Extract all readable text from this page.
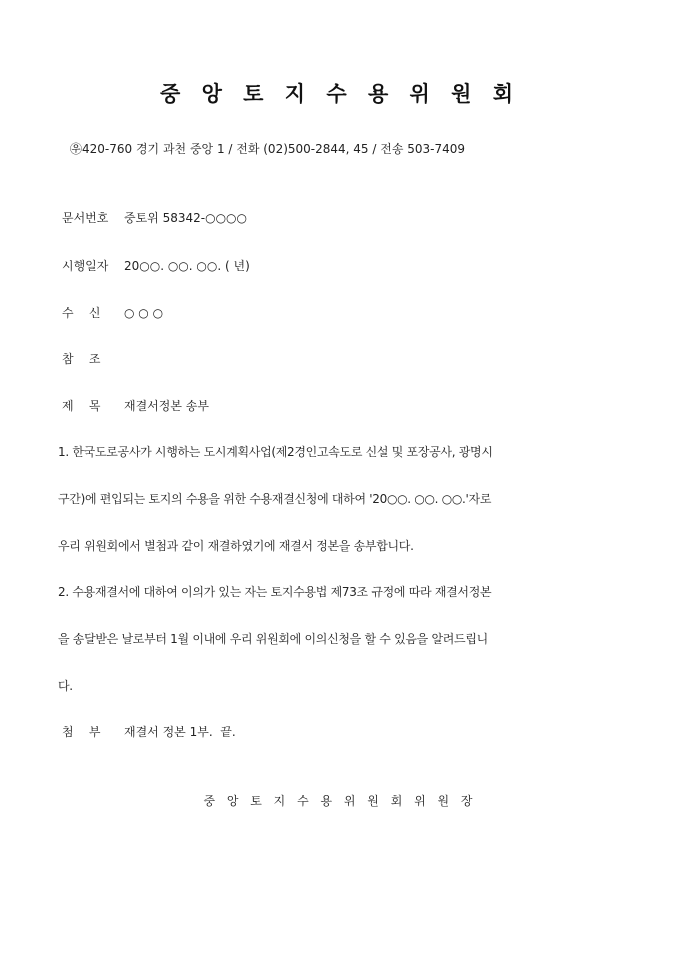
중 앙 토 지 수 용 위 원 회
㉾420-760 경기 과천 중앙 1 / 전화 (02)500-2844, 45 / 전송 503-7409
문서번호 중토위 58342-○○○○
시행일자 20○○. ○○. ○○. ( 년)
수    신 ○ ○ ○
참    조
제    목 재결서정본 송부
1. 한국도로공사가 시행하는 도시계획사업(제2경인고속도로 신설 및 포장공사, 광명시
구간)에 편입되는 토지의 수용을 위한 수용재결신청에 대하여 '20○○. ○○. ○○.'자로
우리 위원회에서 별첨과 같이 재결하였기에 재결서 정본을 송부합니다.
2. 수용재결서에 대하여 이의가 있는 자는 토지수용법 제73조 규정에 따라 재결서정본
을 송달받은 날로부터 1월 이내에 우리 위원회에 이의신청을 할 수 있음을 알려드립니
다.
첨    부 재결서 정본 1부.  끝.
중 앙 토 지 수 용 위 원 회 위 원 장
